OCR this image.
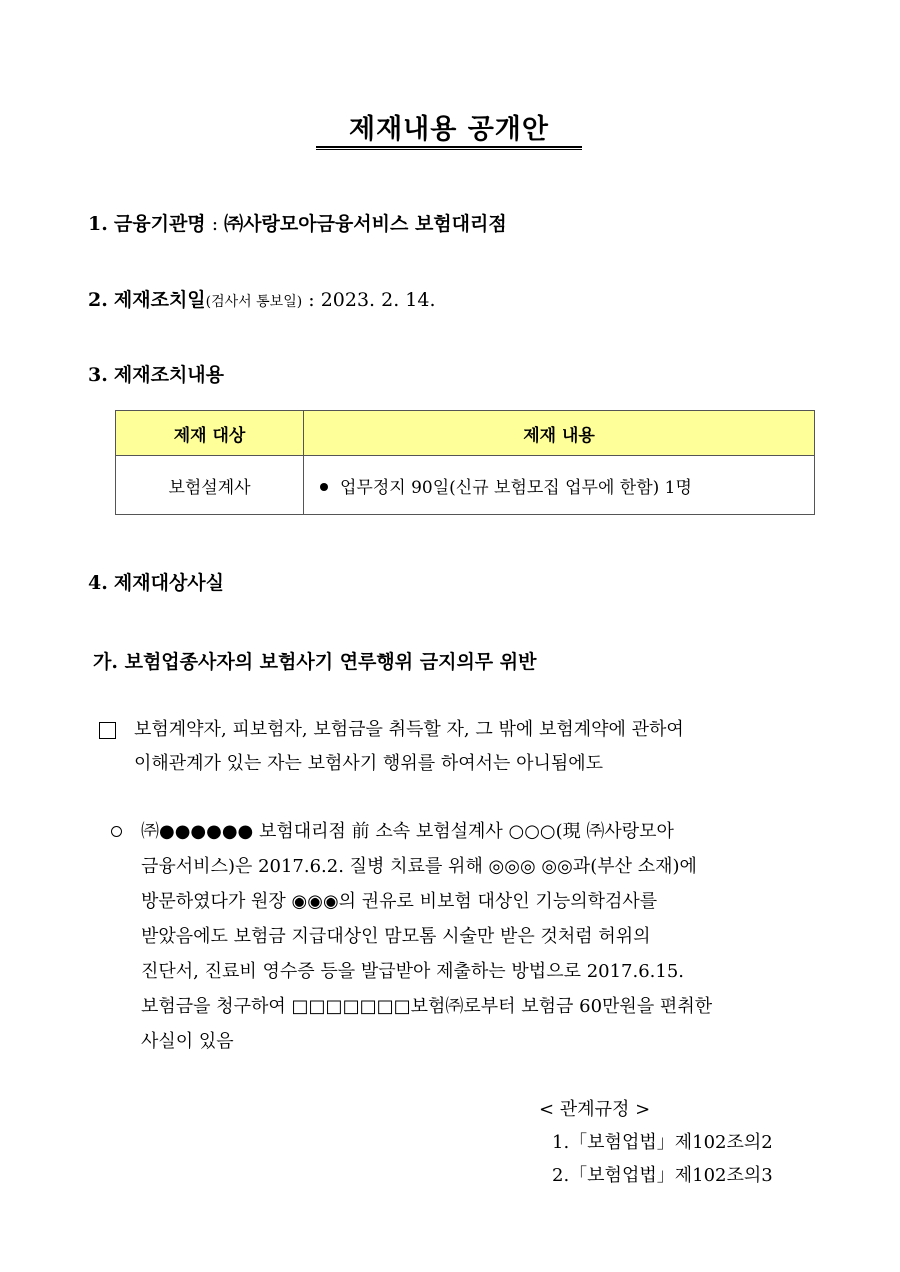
제재내용 공개안
1. 금융기관명 : ㈜사랑모아금융서비스 보험대리점
2. 제재조치일(검사서 통보일) : 2023. 2. 14.
3. 제재조치내용
제재 대상	제재 내용
보험설계사	업무정지 90일(신규 보험모집 업무에 한함) 1명
4. 제재대상사실
가. 보험업종사자의 보험사기 연루행위 금지의무 위반
보험계약자, 피보험자, 보험금을 취득할 자, 그 밖에 보험계약에 관하여
이해관계가 있는 자는 보험사기 행위를 하여서는 아니됨에도
㈜●●●●●● 보험대리점 前 소속 보험설계사 ○○○(現 ㈜사랑모아
금융서비스)은 2017.6.2. 질병 치료를 위해 ◎◎◎ ◎◎과(부산 소재)에
방문하였다가 원장 ◉◉◉의 권유로 비보험 대상인 기능의학검사를
받았음에도 보험금 지급대상인 맘모톰 시술만 받은 것처럼 허위의
진단서, 진료비 영수증 등을 발급받아 제출하는 방법으로 2017.6.15.
보험금을 청구하여 □□□□□□□보험㈜로부터 보험금 60만원을 편취한
사실이 있음
< 관계규정 >
1.「보험업법」제102조의2
2.「보험업법」제102조의3
